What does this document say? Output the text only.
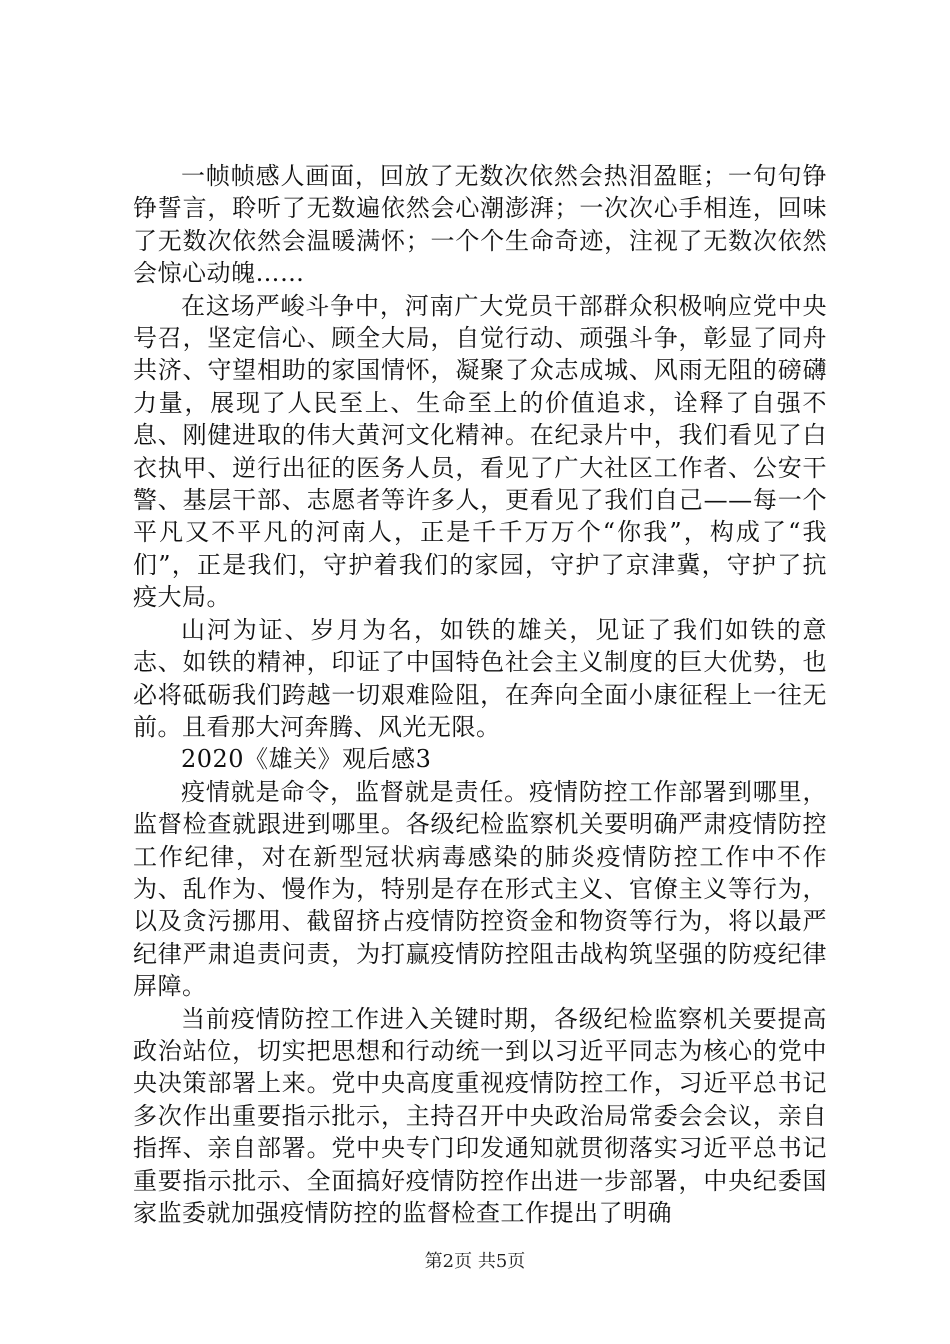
一帧帧感人画面，回放了无数次依然会热泪盈眶；一句句铮铮誓言，聆听了无数遍依然会心潮澎湃；一次次心手相连，回味了无数次依然会温暖满怀；一个个生命奇迹，注视了无数次依然会惊心动魄……

在这场严峻斗争中，河南广大党员干部群众积极响应党中央号召，坚定信心、顾全大局，自觉行动、顽强斗争，彰显了同舟共济、守望相助的家国情怀，凝聚了众志成城、风雨无阻的磅礴力量，展现了人民至上、生命至上的价值追求，诠释了自强不息、刚健进取的伟大黄河文化精神。在纪录片中，我们看见了白衣执甲、逆行出征的医务人员，看见了广大社区工作者、公安干警、基层干部、志愿者等许多人，更看见了我们自己——每一个平凡又不平凡的河南人，正是千千万万个“你我”，构成了“我们”，正是我们，守护着我们的家园，守护了京津冀，守护了抗疫大局。

山河为证、岁月为名，如铁的雄关，见证了我们如铁的意志、如铁的精神，印证了中国特色社会主义制度的巨大优势，也必将砥砺我们跨越一切艰难险阻，在奔向全面小康征程上一往无前。且看那大河奔腾、风光无限。

2020《雄关》观后感3

疫情就是命令，监督就是责任。疫情防控工作部署到哪里，监督检查就跟进到哪里。各级纪检监察机关要明确严肃疫情防控工作纪律，对在新型冠状病毒感染的肺炎疫情防控工作中不作为、乱作为、慢作为，特别是存在形式主义、官僚主义等行为，以及贪污挪用、截留挤占疫情防控资金和物资等行为，将以最严纪律严肃追责问责，为打赢疫情防控阻击战构筑坚强的防疫纪律屏障。

当前疫情防控工作进入关键时期，各级纪检监察机关要提高政治站位，切实把思想和行动统一到以习近平同志为核心的党中央决策部署上来。党中央高度重视疫情防控工作，习近平总书记多次作出重要指示批示，主持召开中央政治局常委会会议，亲自指挥、亲自部署。党中央专门印发通知就贯彻落实习近平总书记重要指示批示、全面搞好疫情防控作出进一步部署，中央纪委国家监委就加强疫情防控的监督检查工作提出了明确

第2页 共5页
